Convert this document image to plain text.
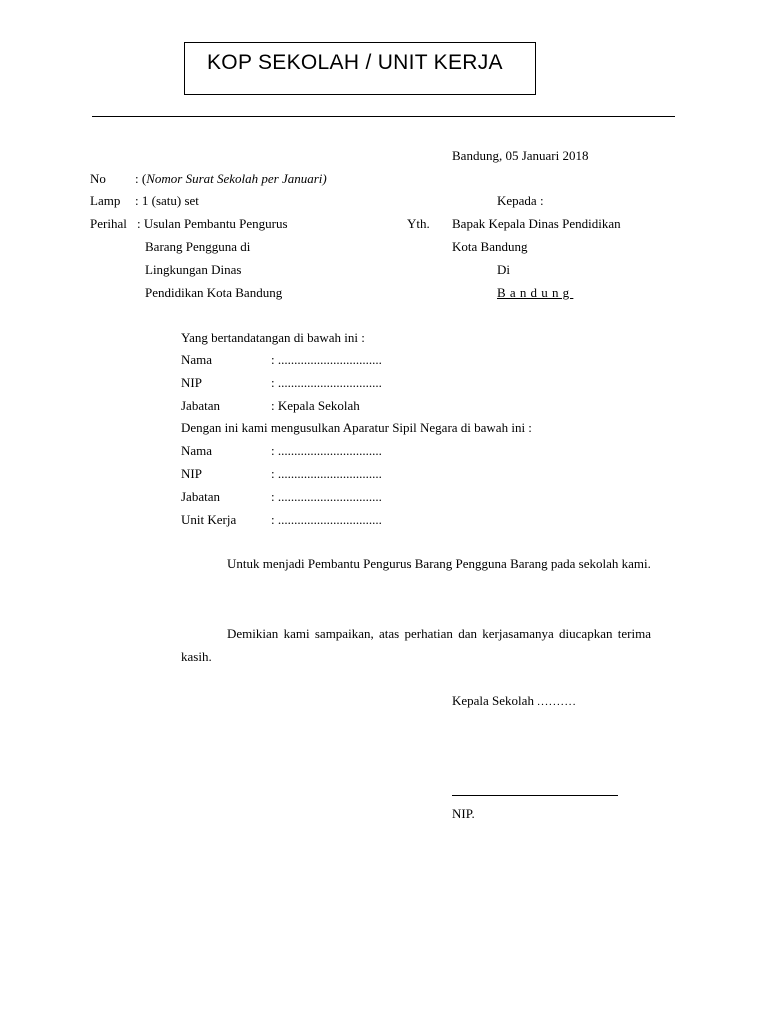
KOP SEKOLAH / UNIT KERJA
Bandung, 05 Januari 2018
No : (Nomor Surat Sekolah per Januari)
Lamp : 1 (satu) set
Perihal : Usulan Pembantu Pengurus
Barang Pengguna di
Lingkungan Dinas
Pendidikan Kota Bandung
Kepada :
Yth. Bapak Kepala Dinas Pendidikan
Kota Bandung
Di
Bandung
Yang bertandatangan di bawah ini :
Nama	: ................................
NIP	: ................................
Jabatan	: Kepala Sekolah
Dengan ini kami mengusulkan Aparatur Sipil Negara di bawah ini :
Nama	: ................................
NIP	: ................................
Jabatan	: ................................
Unit Kerja	: ................................
Untuk menjadi Pembantu Pengurus Barang Pengguna Barang pada sekolah kami.
Demikian kami sampaikan, atas perhatian dan kerjasamanya diucapkan terima kasih.
Kepala Sekolah ..........
NIP.
